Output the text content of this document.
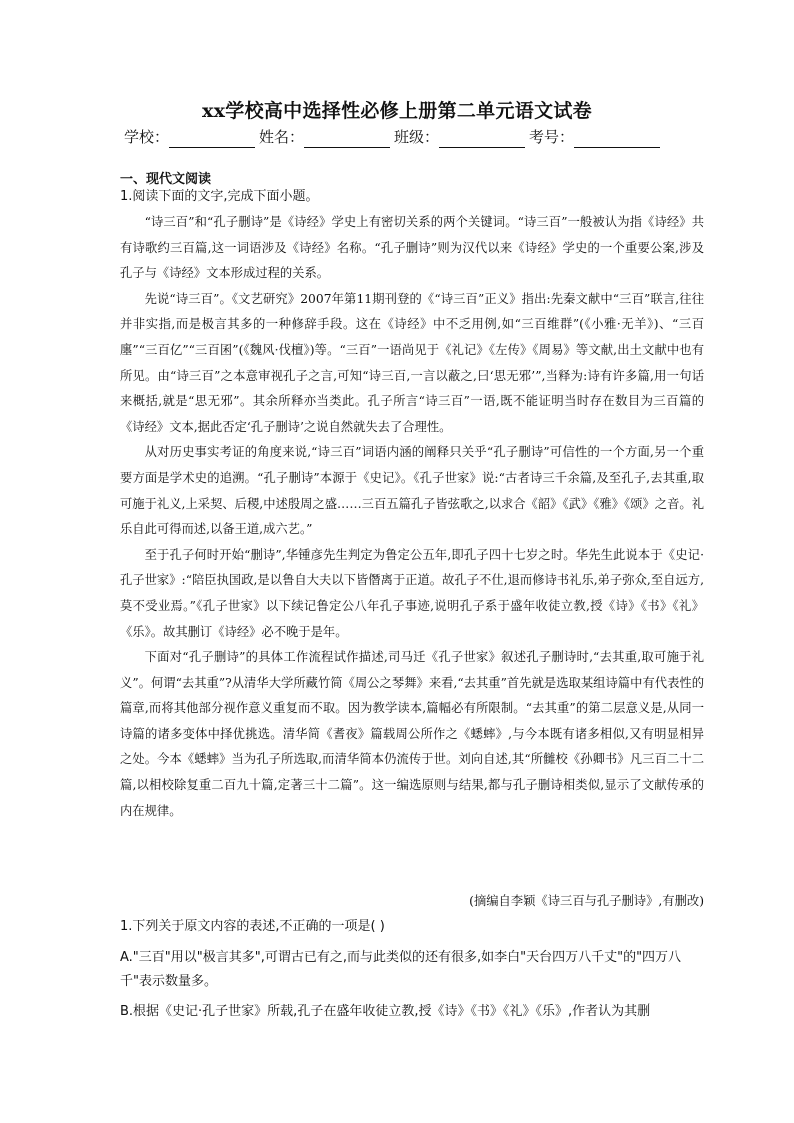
xx学校高中选择性必修上册第二单元语文试卷
学校：	姓名：	班级：	考号：
一、现代文阅读
1.阅读下面的文字,完成下面小题。

“诗三百”和“孔子删诗”是《诗经》学史上有密切关系的两个关键词。“诗三百”一般被认为指《诗经》共有诗歌约三百篇,这一词语涉及《诗经》名称。“孔子删诗”则为汉代以来《诗经》学史的一个重要公案,涉及孔子与《诗经》文本形成过程的关系。

先说“诗三百”。《文艺研究》2007年第11期刊登的《“诗三百”正义》指出:先秦文献中“三百”联言,往往并非实指,而是极言其多的一种修辞手段。这在《诗经》中不乏用例,如“三百维群”(《小雅·无羊》)、“三百廛”“三百亿”“三百囷”(《魏风·伐檀》)等。“三百”一语尚见于《礼记》《左传》《周易》等文献,出土文献中也有所见。由“诗三百”之本意审视孔子之言,可知“诗三百,一言以蔽之,曰‘思无邪’”,当释为:诗有许多篇,用一句话来概括,就是“思无邪”。其余所释亦当类此。孔子所言“诗三百”一语,既不能证明当时存在数目为三百篇的《诗经》文本,据此否定‘孔子删诗’之说自然就失去了合理性。

从对历史事实考证的角度来说,“诗三百”词语内涵的阐释只关乎“孔子删诗”可信性的一个方面,另一个重要方面是学术史的追溯。“孔子删诗”本源于《史记》。《孔子世家》说:“古者诗三千余篇,及至孔子,去其重,取可施于礼义,上采契、后稷,中述殷周之盛……三百五篇孔子皆弦歌之,以求合《韶》《武》《雅》《颂》之音。礼乐自此可得而述,以备王道,成六艺。”

至于孔子何时开始“删诗”,华锺彦先生判定为鲁定公五年,即孔子四十七岁之时。华先生此说本于《史记·孔子世家》:“陪臣执国政,是以鲁自大夫以下皆僭离于正道。故孔子不仕,退而修诗书礼乐,弟子弥众,至自远方,莫不受业焉。”《孔子世家》以下续记鲁定公八年孔子事迹,说明孔子系于盛年收徒立教,授《诗》《书》《礼》《乐》。故其删订《诗经》必不晚于是年。

下面对“孔子删诗”的具体工作流程试作描述,司马迁《孔子世家》叙述孔子删诗时,“去其重,取可施于礼义”。何谓“去其重”?从清华大学所藏竹简《周公之琴舞》来看,“去其重”首先就是选取某组诗篇中有代表性的篇章,而将其他部分视作意义重复而不取。因为教学读本,篇幅必有所限制。“去其重”的第二层意义是,从同一诗篇的诸多变体中择优挑选。清华简《耆夜》篇载周公所作之《蟋蟀》,与今本既有诸多相似,又有明显相异之处。今本《蟋蟀》当为孔子所选取,而清华简本仍流传于世。刘向自述,其“所雠校《孙卿书》凡三百二十二篇,以相校除复重二百九十篇,定著三十二篇”。这一编选原则与结果,都与孔子删诗相类似,显示了文献传承的内在规律。

(摘编自李颖《诗三百与孔子删诗》,有删改)
1.下列关于原文内容的表述,不正确的一项是( )
A."三百"用以"极言其多",可谓古已有之,而与此类似的还有很多,如李白"天台四万八千丈"的"四万八千"表示数量多。
B.根据《史记·孔子世家》所载,孔子在盛年收徒立教,授《诗》《书》《礼》《乐》,作者认为其删
